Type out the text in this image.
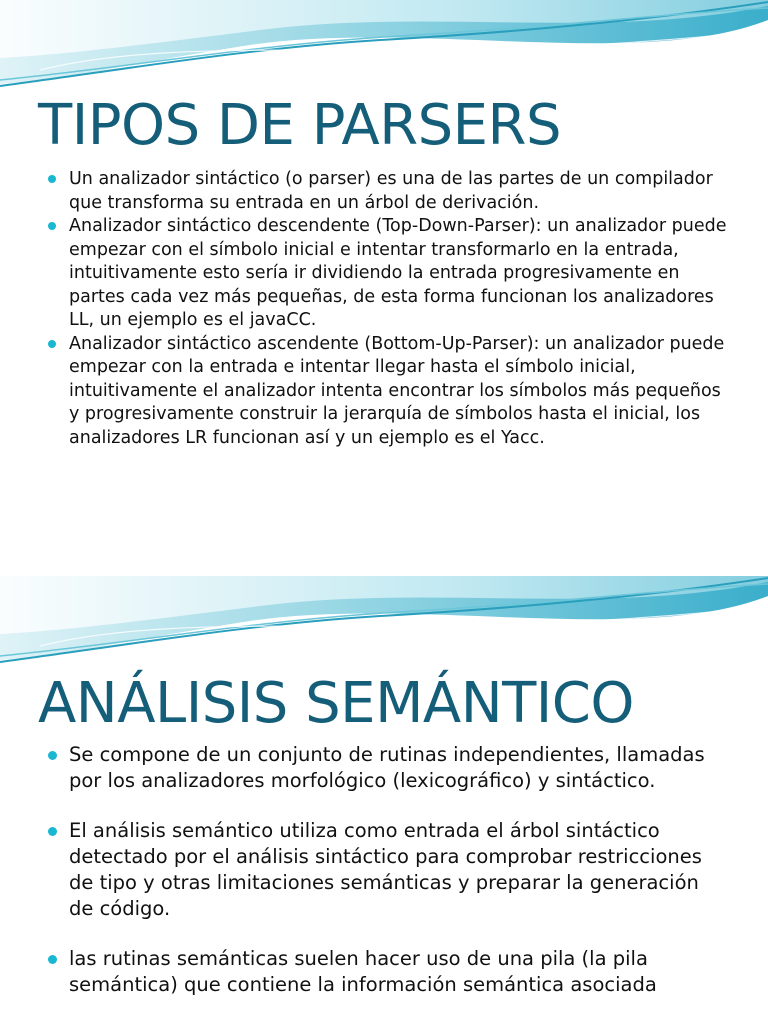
TIPOS DE PARSERS
Un analizador sintáctico (o parser) es una de las partes de un compilador que transforma su entrada en un árbol de derivación.
Analizador sintáctico descendente (Top-Down-Parser): un analizador puede empezar con el símbolo inicial e intentar transformarlo en la entrada, intuitivamente esto sería ir dividiendo la entrada progresivamente en partes cada vez más pequeñas, de esta forma funcionan los analizadores LL, un ejemplo es el javaCC.
Analizador sintáctico ascendente (Bottom-Up-Parser): un analizador puede empezar con la entrada e intentar llegar hasta el símbolo inicial, intuitivamente el analizador intenta encontrar los símbolos más pequeños y progresivamente construir la jerarquía de símbolos hasta el inicial, los analizadores LR funcionan así y un ejemplo es el Yacc.
ANÁLISIS SEMÁNTICO
Se compone de un conjunto de rutinas independientes, llamadas por los analizadores morfológico (lexicográfico) y sintáctico.
El análisis semántico utiliza como entrada el árbol sintáctico detectado por el análisis sintáctico para comprobar restricciones de tipo y otras limitaciones semánticas y preparar la generación de código.
las rutinas semánticas suelen hacer uso de una pila (la pila semántica) que contiene la información semántica asociada
